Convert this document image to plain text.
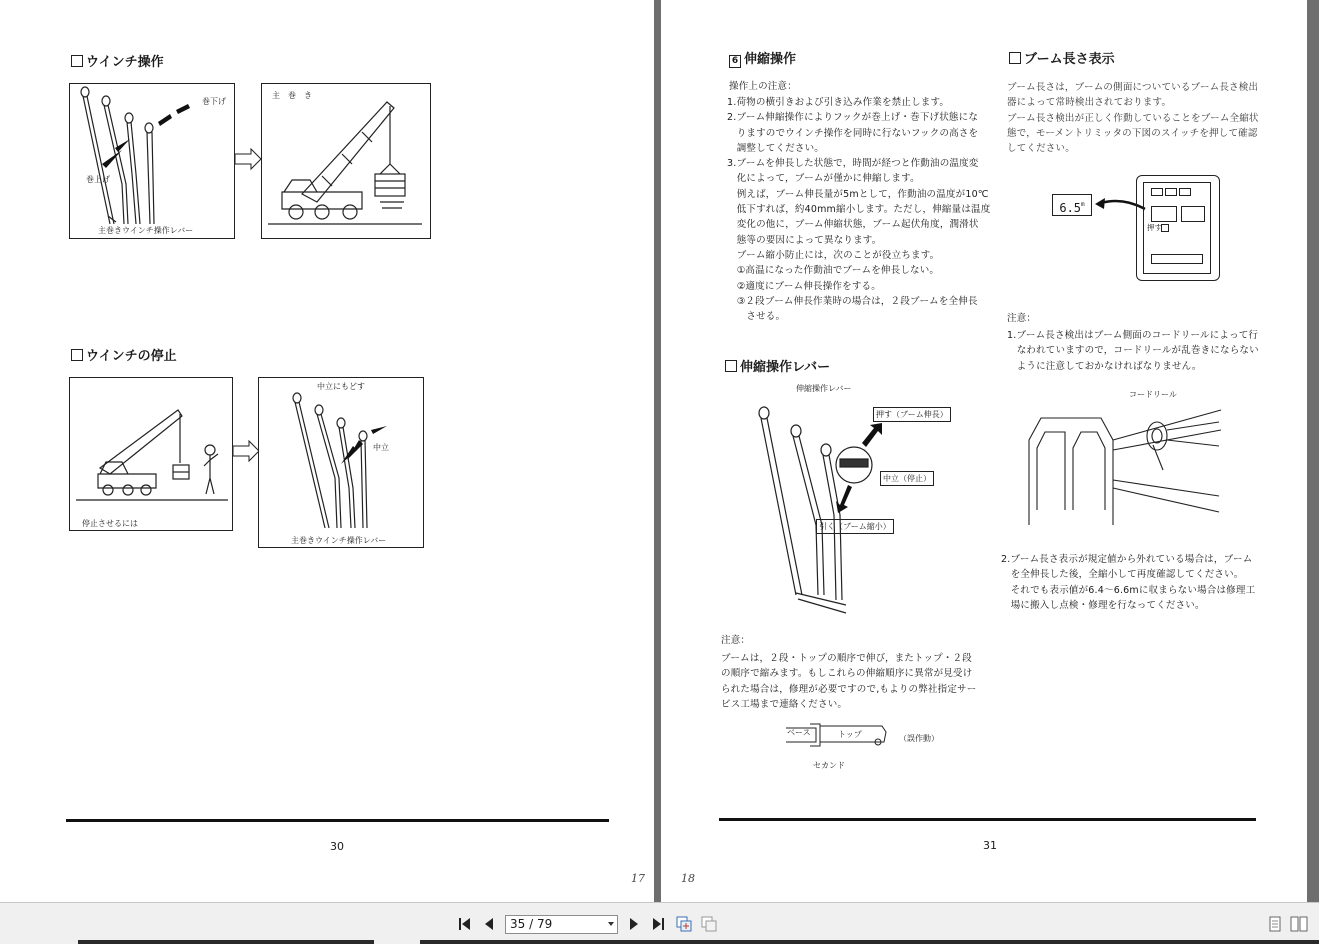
ウインチ操作
巻下げ
巻上げ
主巻きウインチ操作レバー
主　巻　き
ウインチの停止
停止させるには
中立にもどす
中立
主巻きウインチ操作レバー
30
17
6 伸縮操作
操作上の注意：
1.荷物の横引きおよび引き込み作業を禁止します。
2.ブーム伸縮操作によりフックが巻上げ・巻下げ状態にな
　りますのでウインチ操作を同時に行ないフックの高さを
　調整してください。
3.ブームを伸長した状態で，時間が経つと作動油の温度変
　化によって，ブームが僅かに伸縮します。
　例えば，ブーム伸長量が5mとして，作動油の温度が10℃
　低下すれば，約40mm縮小します。ただし，伸縮量は温度
　変化の他に，ブーム伸縮状態，ブーム起伏角度，潤滑状
　態等の要因によって異なります。
　ブーム縮小防止には，次のことが役立ちます。
　①高温になった作動油でブームを伸長しない。
　②適度にブーム伸長操作をする。
　③２段ブーム伸長作業時の場合は，２段ブームを全伸長
　　させる。
伸縮操作レバー
伸縮操作レバー
押す（ブーム伸長）
中立（停止）
引く（ブーム縮小）
注意：
ブームは，２段・トップの順序で伸び，またトップ・２段
の順序で縮みます。もしこれらの伸縮順序に異常が見受け
られた場合は，修理が必要ですので,もよりの弊社指定サー
ビス工場まで連絡ください。
ベース	トップ
セカンド
（誤作動）
ブーム長さ表示
ブーム長さは，ブームの側面についているブーム長さ検出
器によって常時検出されております。
ブーム長さ検出が正しく作動していることをブーム全縮状
態で，モーメントリミッタの下図のスイッチを押して確認
してください。
6.5$^m$
押す
注意：
1.ブーム長さ検出はブーム側面のコードリールによって行
　なわれていますので，コードリールが乱巻きにならない
　ように注意しておかなければなりません。
コードリール
2.ブーム長さ表示が規定値から外れている場合は，ブーム
　を全伸長した後，全縮小して再度確認してください。
　それでも表示値が6.4～6.6mに収まらない場合は修理工
　場に搬入し点検・修理を行なってください。
31
18
35 / 79
